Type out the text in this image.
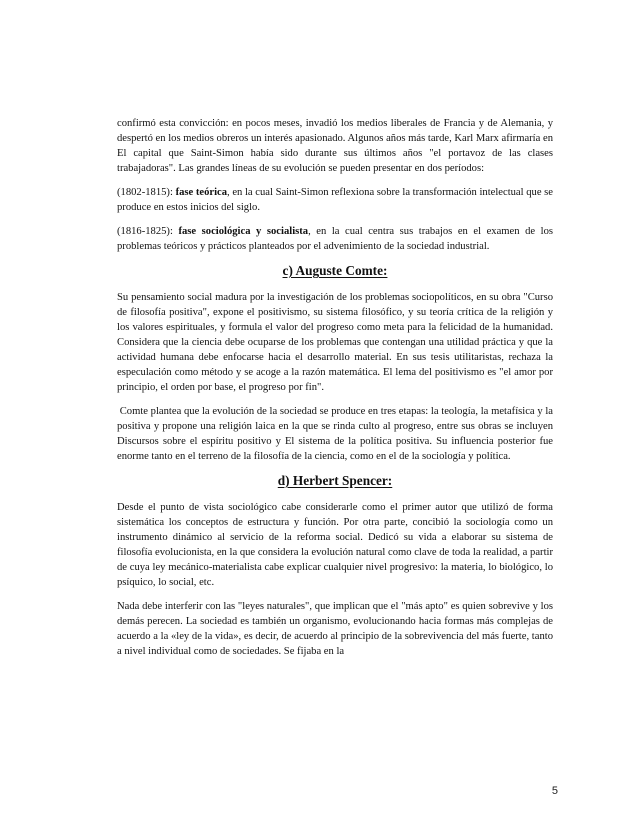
confirmó esta convicción: en pocos meses, invadió los medios liberales de Francia y de Alemania, y despertó en los medios obreros un interés apasionado. Algunos años más tarde, Karl Marx afirmaría en El capital que Saint-Simon había sido durante sus últimos años "el portavoz de las clases trabajadoras". Las grandes líneas de su evolución se pueden presentar en dos períodos:

(1802-1815): fase teórica, en la cual Saint-Simon reflexiona sobre la transformación intelectual que se produce en estos inicios del siglo.

(1816-1825): fase sociológica y socialista, en la cual centra sus trabajos en el examen de los problemas teóricos y prácticos planteados por el advenimiento de la sociedad industrial.

c) Auguste Comte:

Su pensamiento social madura por la investigación de los problemas sociopolíticos, en su obra "Curso de filosofía positiva", expone el positivismo, su sistema filosófico, y su teoría crítica de la religión y los valores espirituales, y formula el valor del progreso como meta para la felicidad de la humanidad. Considera que la ciencia debe ocuparse de los problemas que contengan una utilidad práctica y que la actividad humana debe enfocarse hacia el desarrollo material. En sus tesis utilitaristas, rechaza la especulación como método y se acoge a la razón matemática. El lema del positivismo es "el amor por principio, el orden por base, el progreso por fin".

Comte plantea que la evolución de la sociedad se produce en tres etapas: la teología, la metafísica y la positiva y propone una religión laica en la que se rinda culto al progreso, entre sus obras se incluyen Discursos sobre el espíritu positivo y El sistema de la política positiva. Su influencia posterior fue enorme tanto en el terreno de la filosofía de la ciencia, como en el de la sociología y política.

d) Herbert Spencer:

Desde el punto de vista sociológico cabe considerarle como el primer autor que utilizó de forma sistemática los conceptos de estructura y función. Por otra parte, concibió la sociología como un instrumento dinámico al servicio de la reforma social. Dedicó su vida a elaborar su sistema de filosofía evolucionista, en la que considera la evolución natural como clave de toda la realidad, a partir de cuya ley mecánico-materialista cabe explicar cualquier nivel progresivo: la materia, lo biológico, lo psíquico, lo social, etc.

Nada debe interferir con las "leyes naturales", que implican que el "más apto" es quien sobrevive y los demás perecen. La sociedad es también un organismo, evolucionando hacia formas más complejas de acuerdo a la «ley de la vida», es decir, de acuerdo al principio de la sobrevivencia del más fuerte, tanto a nivel individual como de sociedades. Se fijaba en la

5
